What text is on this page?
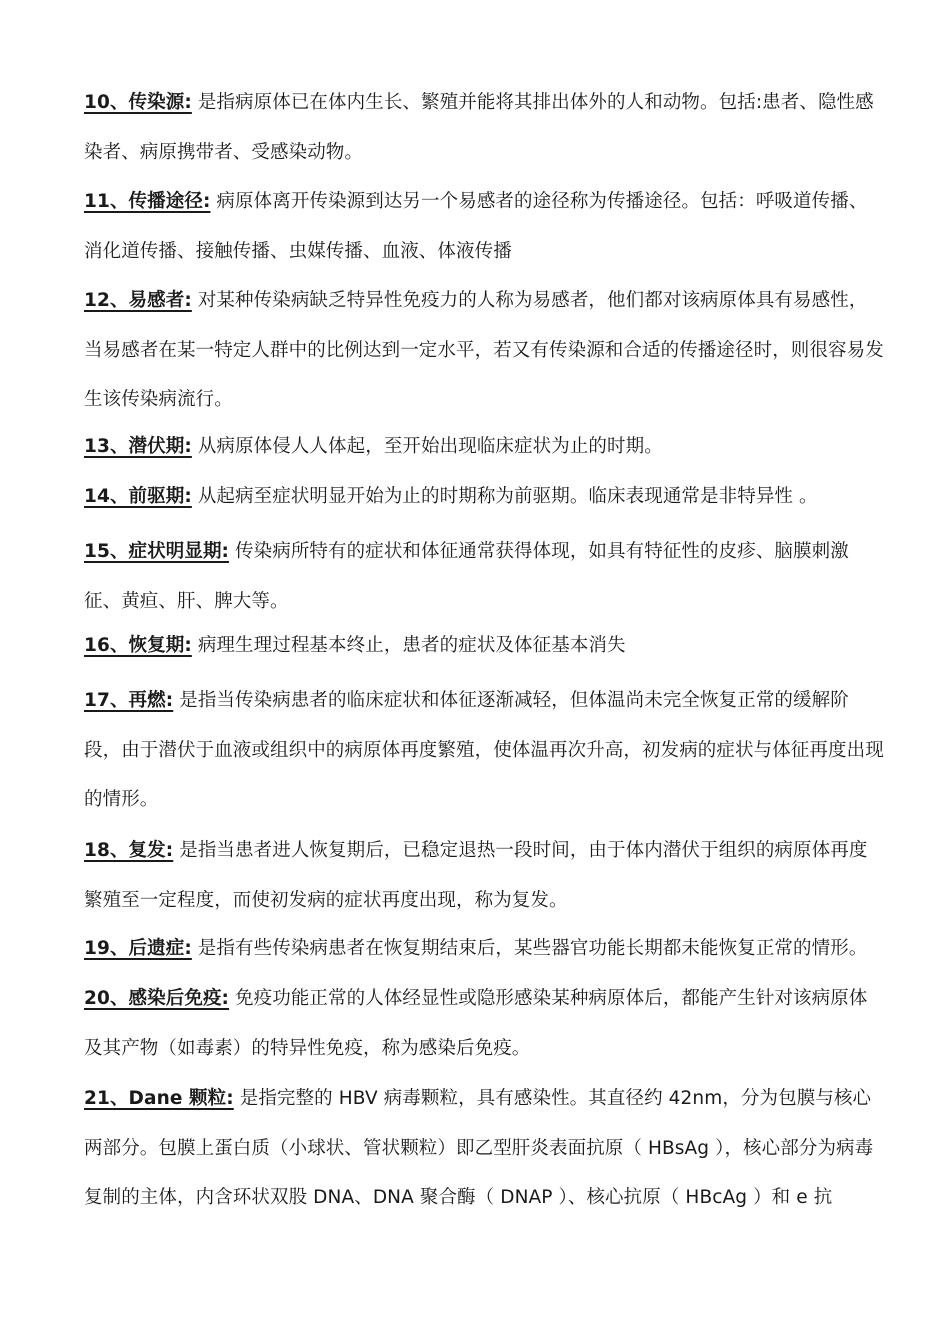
10、传染源: 是指病原体已在体内生长、繁殖并能将其排出体外的人和动物。包括:患者、隐性感染者、病原携带者、受感染动物。

11、传播途径: 病原体离开传染源到达另一个易感者的途径称为传播途径。包括：呼吸道传播、消化道传播、接触传播、虫媒传播、血液、体液传播

12、易感者: 对某种传染病缺乏特异性免疫力的人称为易感者，他们都对该病原体具有易感性，当易感者在某一特定人群中的比例达到一定水平，若又有传染源和合适的传播途径时，则很容易发生该传染病流行。

13、潜伏期: 从病原体侵人人体起，至开始出现临床症状为止的时期。

14、前驱期: 从起病至症状明显开始为止的时期称为前驱期。临床表现通常是非特异性 。

15、症状明显期: 传染病所特有的症状和体征通常获得体现，如具有特征性的皮疹、脑膜刺激征、黄疸、肝、脾大等。

16、恢复期: 病理生理过程基本终止，患者的症状及体征基本消失

17、再燃: 是指当传染病患者的临床症状和体征逐渐减轻，但体温尚未完全恢复正常的缓解阶段，由于潜伏于血液或组织中的病原体再度繁殖，使体温再次升高，初发病的症状与体征再度出现的情形。

18、复发: 是指当患者进人恢复期后，已稳定退热一段时间，由于体内潜伏于组织的病原体再度繁殖至一定程度，而使初发病的症状再度出现，称为复发。

19、后遗症: 是指有些传染病患者在恢复期结束后，某些器官功能长期都未能恢复正常的情形。

20、感染后免疫: 免疫功能正常的人体经显性或隐形感染某种病原体后，都能产生针对该病原体及其产物（如毒素）的特异性免疫，称为感染后免疫。

21、Dane 颗粒: 是指完整的 HBV 病毒颗粒，具有感染性。其直径约 42nm，分为包膜与核心两部分。包膜上蛋白质（小球状、管状颗粒）即乙型肝炎表面抗原（ HBsAg ），核心部分为病毒复制的主体，内含环状双股 DNA、DNA 聚合酶（ DNAP ）、核心抗原（ HBcAg ）和 e 抗
